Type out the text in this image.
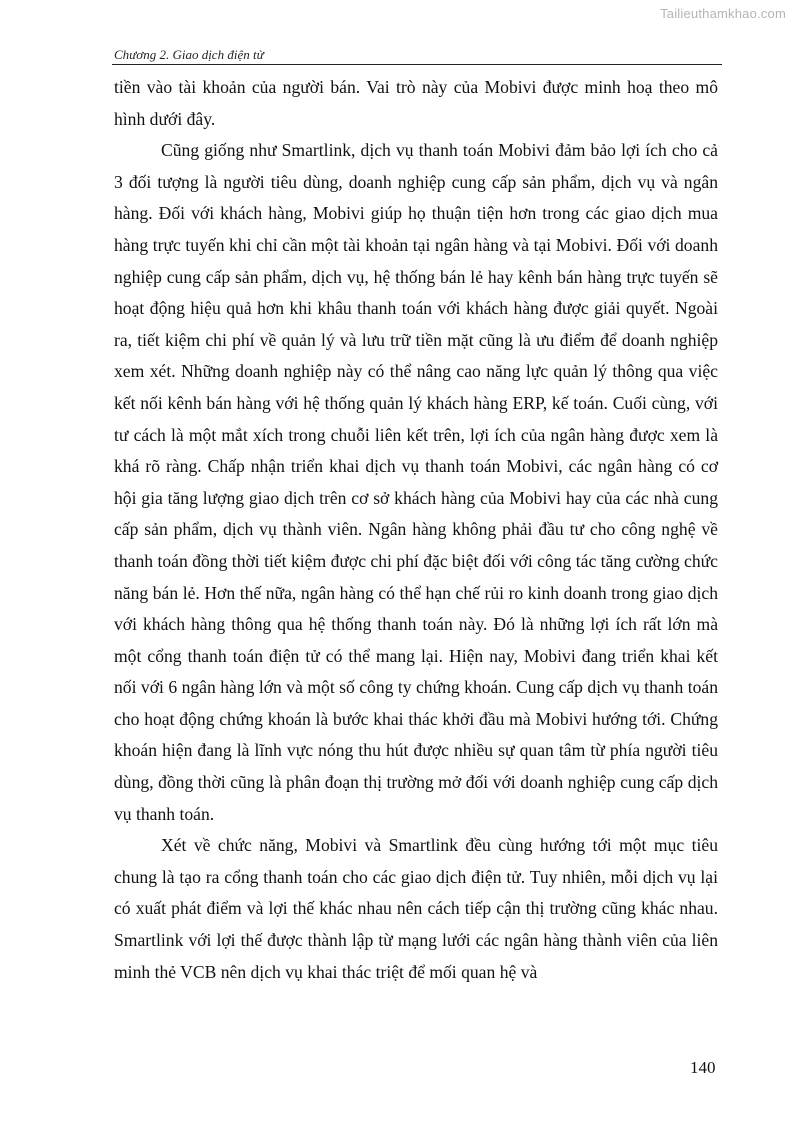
Tailieuthamkhao.com
Chương 2. Giao dịch điện tử

tiền vào tài khoản của người bán. Vai trò này của Mobivi được minh hoạ theo mô hình dưới đây.

Cũng giống như Smartlink, dịch vụ thanh toán Mobivi đảm bảo lợi ích cho cả 3 đối tượng là người tiêu dùng, doanh nghiệp cung cấp sản phẩm, dịch vụ và ngân hàng. Đối với khách hàng, Mobivi giúp họ thuận tiện hơn trong các giao dịch mua hàng trực tuyến khi chỉ cần một tài khoản tại ngân hàng và tại Mobivi. Đối với doanh nghiệp cung cấp sản phẩm, dịch vụ, hệ thống bán lẻ hay kênh bán hàng trực tuyến sẽ hoạt động hiệu quả hơn khi khâu thanh toán với khách hàng được giải quyết. Ngoài ra, tiết kiệm chi phí về quản lý và lưu trữ tiền mặt cũng là ưu điểm để doanh nghiệp xem xét. Những doanh nghiệp này có thể nâng cao năng lực quản lý thông qua việc kết nối kênh bán hàng với hệ thống quản lý khách hàng ERP, kế toán. Cuối cùng, với tư cách là một mắt xích trong chuỗi liên kết trên, lợi ích của ngân hàng được xem là khá rõ ràng. Chấp nhận triển khai dịch vụ thanh toán Mobivi, các ngân hàng có cơ hội gia tăng lượng giao dịch trên cơ sở khách hàng của Mobivi hay của các nhà cung cấp sản phẩm, dịch vụ thành viên. Ngân hàng không phải đầu tư cho công nghệ về thanh toán đồng thời tiết kiệm được chi phí đặc biệt đối với công tác tăng cường chức năng bán lẻ. Hơn thế nữa, ngân hàng có thể hạn chế rủi ro kinh doanh trong giao dịch với khách hàng thông qua hệ thống thanh toán này. Đó là những lợi ích rất lớn mà một cổng thanh toán điện tử có thể mang lại. Hiện nay, Mobivi đang triển khai kết nối với 6 ngân hàng lớn và một số công ty chứng khoán. Cung cấp dịch vụ thanh toán cho hoạt động chứng khoán là bước khai thác khởi đầu mà Mobivi hướng tới. Chứng khoán hiện đang là lĩnh vực nóng thu hút được nhiều sự quan tâm từ phía người tiêu dùng, đồng thời cũng là phân đoạn thị trường mở đối với doanh nghiệp cung cấp dịch vụ thanh toán.

Xét về chức năng, Mobivi và Smartlink đều cùng hướng tới một mục tiêu chung là tạo ra cổng thanh toán cho các giao dịch điện tử. Tuy nhiên, mỗi dịch vụ lại có xuất phát điểm và lợi thế khác nhau nên cách tiếp cận thị trường cũng khác nhau. Smartlink với lợi thế được thành lập từ mạng lưới các ngân hàng thành viên của liên minh thẻ VCB nên dịch vụ khai thác triệt để mối quan hệ và

140
